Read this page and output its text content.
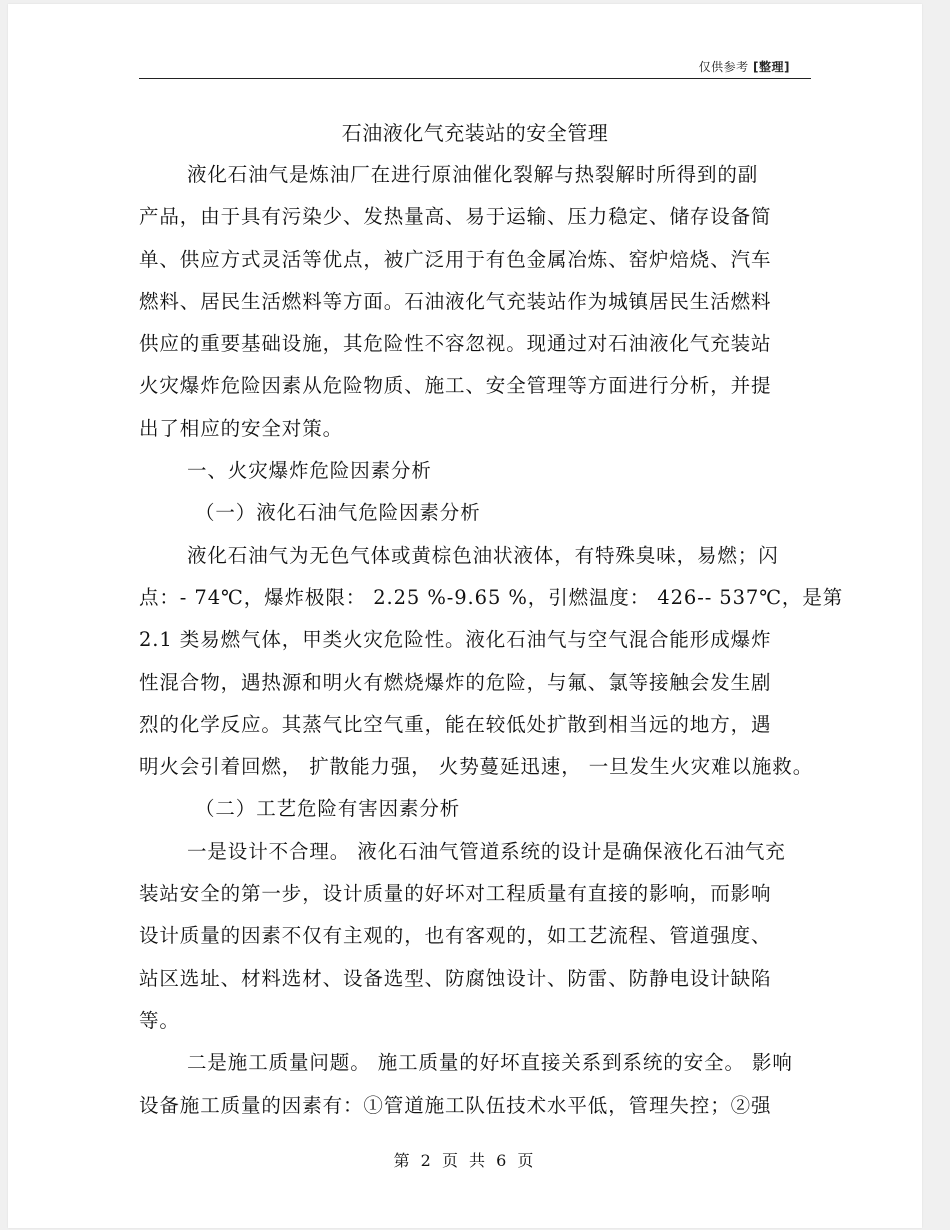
仅供参考 [整理]
石油液化气充装站的安全管理
液化石油气是炼油厂在进行原油催化裂解与热裂解时所得到的副
产品，由于具有污染少、发热量高、易于运输、压力稳定、储存设备简
单、供应方式灵活等优点，被广泛用于有色金属冶炼、窑炉焙烧、汽车
燃料、居民生活燃料等方面。石油液化气充装站作为城镇居民生活燃料
供应的重要基础设施，其危险性不容忽视。现通过对石油液化气充装站
火灾爆炸危险因素从危险物质、施工、安全管理等方面进行分析，并提
出了相应的安全对策。
一、火灾爆炸危险因素分析
（一）液化石油气危险因素分析
液化石油气为无色气体或黄棕色油状液体，有特殊臭味，易燃；闪
点：- 74℃，爆炸极限： 2.25 %-9.65 %，引燃温度： 426-- 537℃，是第
2.1 类易燃气体，甲类火灾危险性。液化石油气与空气混合能形成爆炸
性混合物，遇热源和明火有燃烧爆炸的危险，与氟、氯等接触会发生剧
烈的化学反应。其蒸气比空气重，能在较低处扩散到相当远的地方，遇
明火会引着回燃， 扩散能力强， 火势蔓延迅速， 一旦发生火灾难以施救。
（二）工艺危险有害因素分析
一是设计不合理。 液化石油气管道系统的设计是确保液化石油气充
装站安全的第一步，设计质量的好坏对工程质量有直接的影响，而影响
设计质量的因素不仅有主观的，也有客观的，如工艺流程、管道强度、
站区选址、材料选材、设备选型、防腐蚀设计、防雷、防静电设计缺陷
等。
二是施工质量问题。 施工质量的好坏直接关系到系统的安全。 影响
设备施工质量的因素有：①管道施工队伍技术水平低，管理失控；②强
第 2 页 共 6 页
